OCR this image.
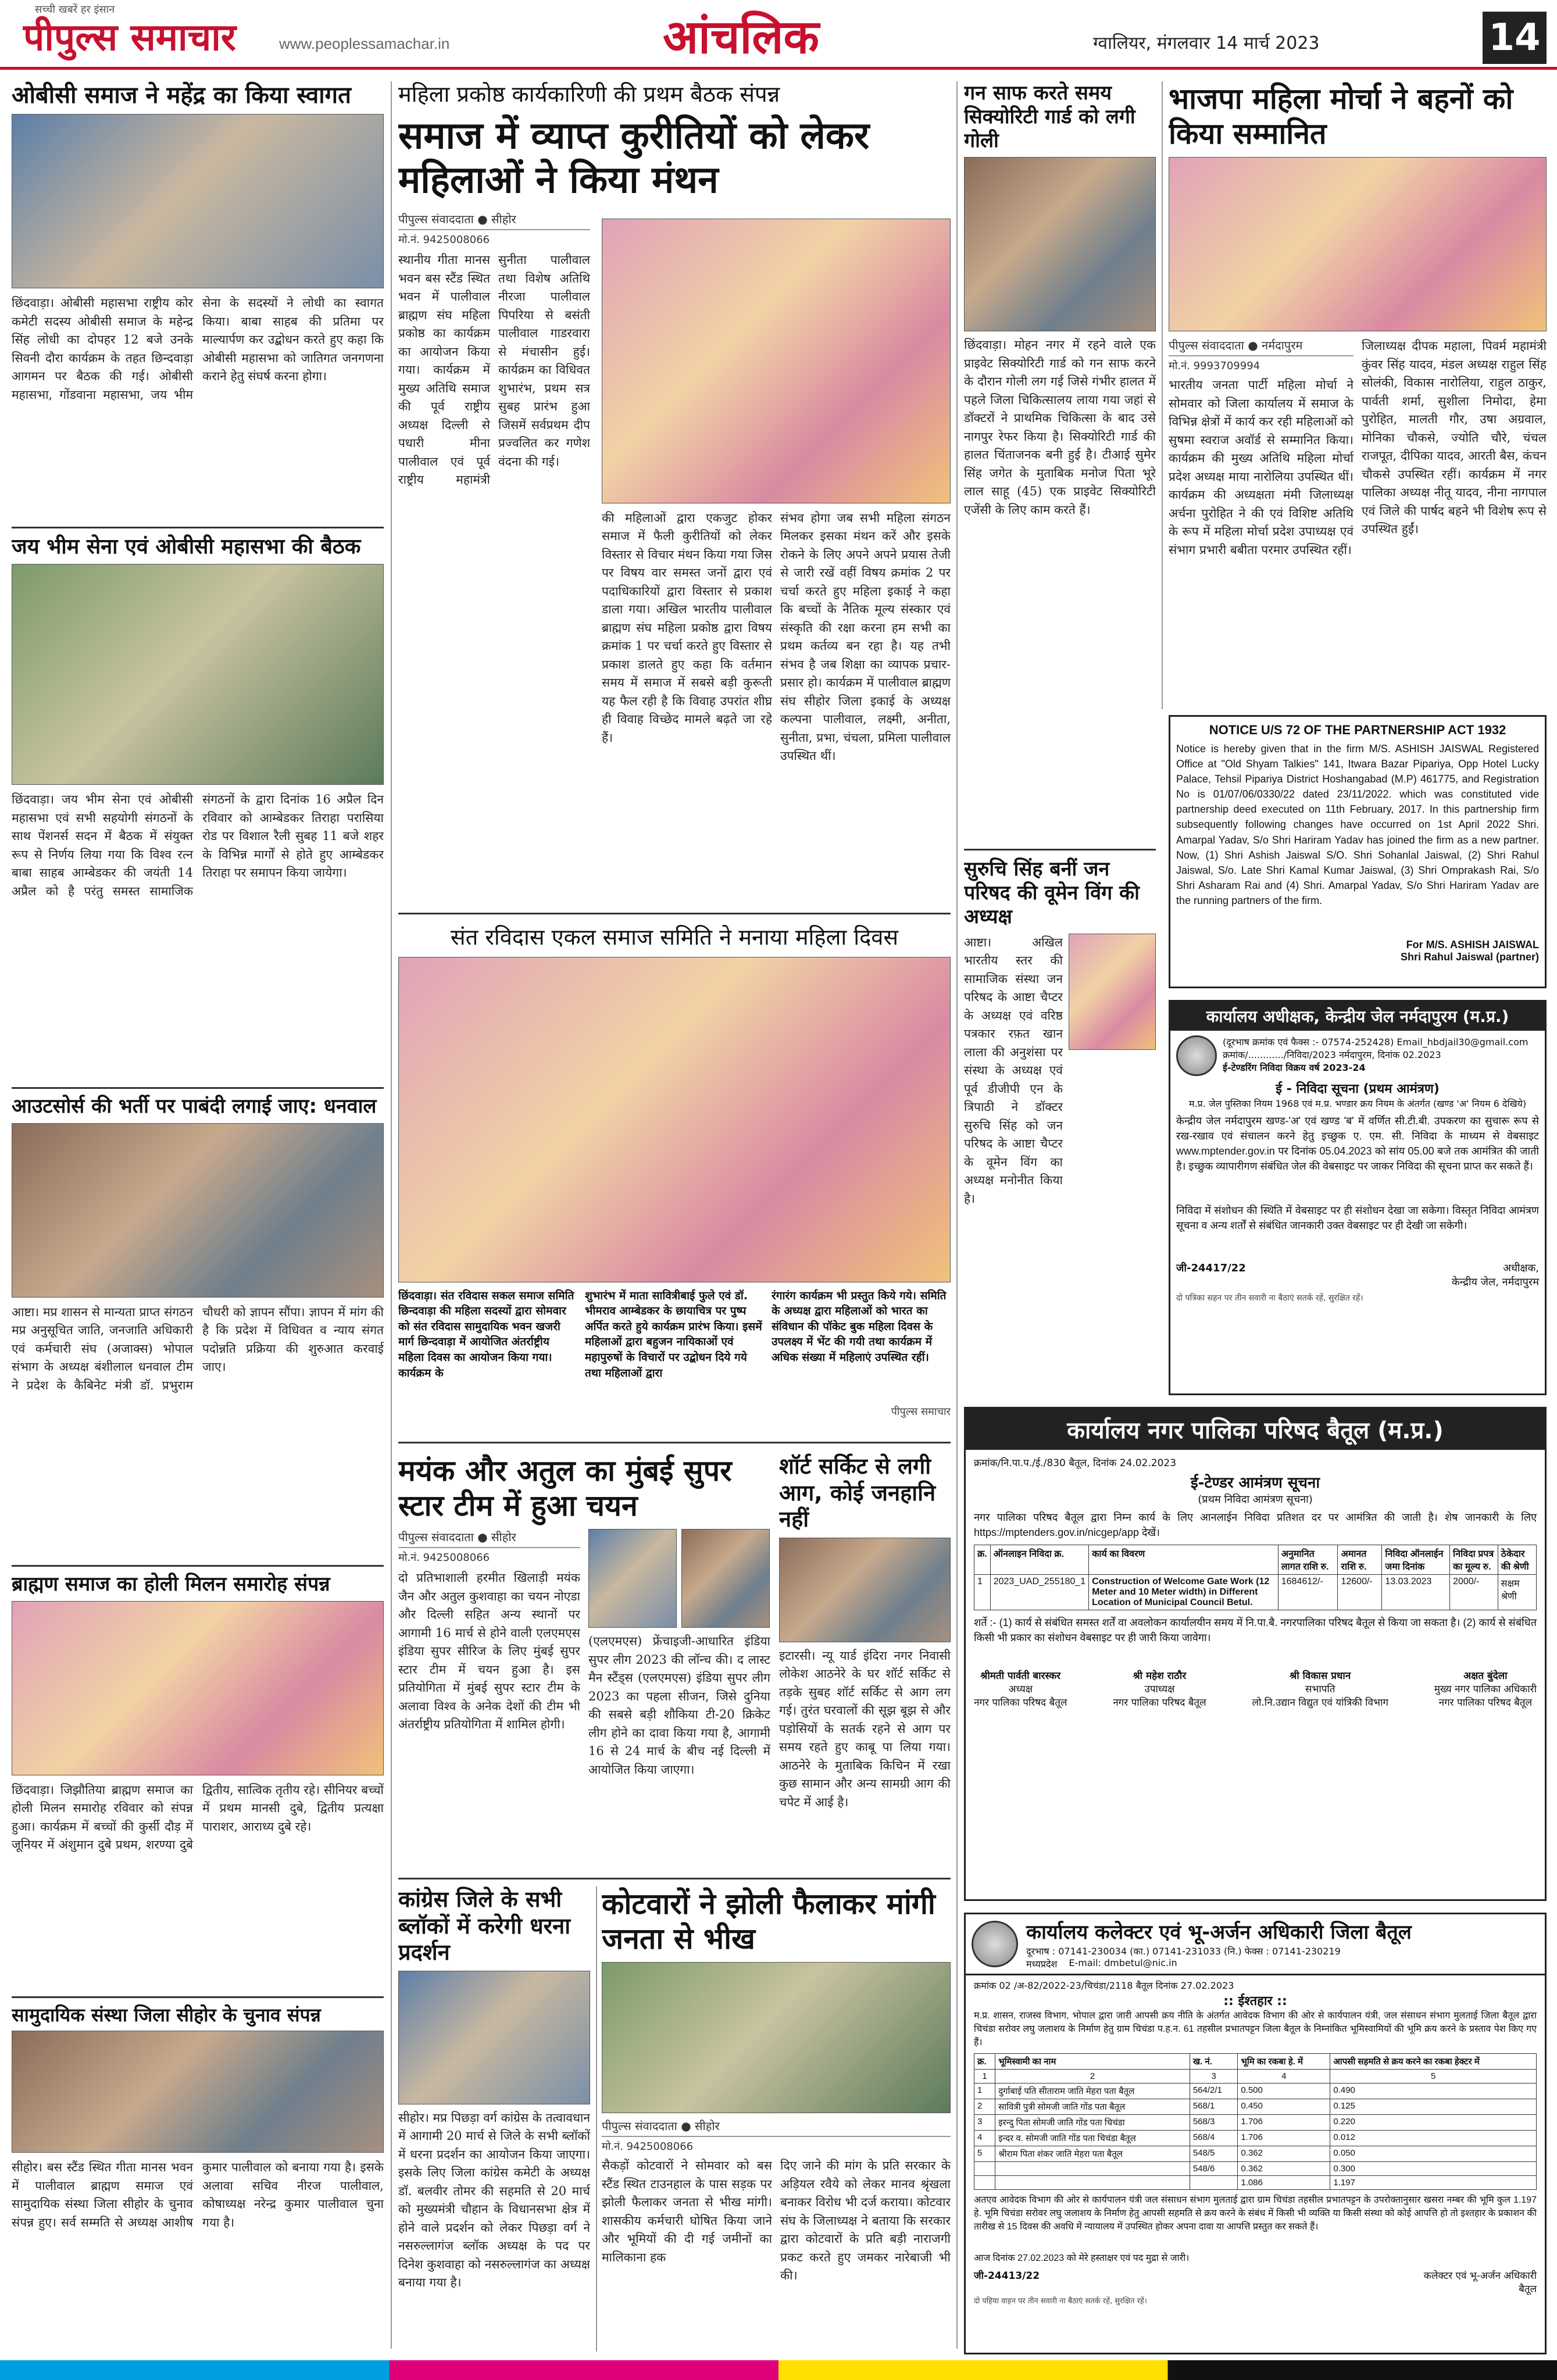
सच्ची खबरें हर इंसान
पीपुल्स समाचार	www.peoplessamachar.in	आंचलिक	ग्वालियर, मंगलवार 14 मार्च 2023	14
ओबीसी समाज ने महेंद्र का किया स्वागत
छिंदवाड़ा। ओबीसी महासभा राष्ट्रीय कोर कमेटी सदस्य ओबीसी समाज के महेन्द्र सिंह लोधी का दोपहर 12 बजे उनके सिवनी दौरा कार्यक्रम के तहत छिन्दवाड़ा आगमन पर बैठक की गई। ओबीसी महासभा, गोंडवाना महासभा, जय भीम सेना के सदस्यों ने लोधी का स्वागत किया। बाबा साहब की प्रतिमा पर माल्यार्पण कर उद्बोधन करते हुए कहा कि ओबीसी महासभा को जातिगत जनगणना कराने हेतु संघर्ष करना होगा।
जय भीम सेना एवं ओबीसी महासभा की बैठक
छिंदवाड़ा। जय भीम सेना एवं ओबीसी महासभा एवं सभी सहयोगी संगठनों के साथ पेंशनर्स सदन में बैठक में संयुक्त रूप से निर्णय लिया गया कि विश्व रत्न बाबा साहब आम्बेडकर की जयंती 14 अप्रैल को है परंतु समस्त सामाजिक संगठनों के द्वारा दिनांक 16 अप्रैल दिन रविवार को आम्बेडकर तिराहा परासिया रोड पर विशाल रैली सुबह 11 बजे शहर के विभिन्न मार्गों से होते हुए आम्बेडकर तिराहा पर समापन किया जायेगा।
आउटसोर्स की भर्ती पर पाबंदी लगाई जाए: धनवाल
आष्टा। मप्र शासन से मान्यता प्राप्त संगठन मप्र अनुसूचित जाति, जनजाति अधिकारी एवं कर्मचारी संघ (अजाक्स) भोपाल संभाग के अध्यक्ष बंशीलाल धनवाल टीम ने प्रदेश के कैबिनेट मंत्री डॉ. प्रभुराम चौधरी को ज्ञापन सौंपा। ज्ञापन में मांग की है कि प्रदेश में विधिवत व न्याय संगत पदोन्नति प्रक्रिया की शुरुआत करवाई जाए।
ब्राह्मण समाज का होली मिलन समारोह संपन्न
छिंदवाड़ा। जिझौतिया ब्राह्मण समाज का होली मिलन समारोह रविवार को संपन्न हुआ। कार्यक्रम में बच्चों की कुर्सी दौड़ में जूनियर में अंशुमान दुबे प्रथम, शरण्या दुबे द्वितीय, सात्विक तृतीय रहे। सीनियर बच्चों में प्रथम मानसी दुबे, द्वितीय प्रत्यक्षा पाराशर, आराध्य दुबे रहे।
सामुदायिक संस्था जिला सीहोर के चुनाव संपन्न
सीहोर। बस स्टैंड स्थित गीता मानस भवन में पालीवाल ब्राह्मण समाज एवं सामुदायिक संस्था जिला सीहोर के चुनाव संपन्न हुए। सर्व सम्मति से अध्यक्ष आशीष कुमार पालीवाल को बनाया गया है। इसके अलावा सचिव नीरज पालीवाल, कोषाध्यक्ष नरेन्द्र कुमार पालीवाल चुना गया है।
महिला प्रकोष्ठ कार्यकारिणी की प्रथम बैठक संपन्न
समाज में व्याप्त कुरीतियों को लेकर महिलाओं ने किया मंथन
पीपुल्स संवाददाता ● सीहोर
मो.नं. 9425008066
स्थानीय गीता मानस भवन बस स्टैंड स्थित भवन में पालीवाल ब्राह्मण संघ महिला प्रकोष्ठ का कार्यक्रम का आयोजन किया गया। कार्यक्रम में मुख्य अतिथि समाज की पूर्व राष्ट्रीय अध्यक्ष दिल्ली से पधारी मीना पालीवाल एवं पूर्व राष्ट्रीय महामंत्री सुनीता पालीवाल तथा विशेष अतिथि नीरजा पालीवाल पिपरिया से बसंती पालीवाल गाडरवारा से मंचासीन हुई। कार्यक्रम का विधिवत शुभारंभ, प्रथम सत्र सुबह प्रारंभ हुआ जिसमें सर्वप्रथम दीप प्रज्वलित कर गणेश वंदना की गई।
की महिलाओं द्वारा एकजुट होकर समाज में फैली कुरीतियों को लेकर विस्तार से विचार मंथन किया गया जिस पर विषय वार समस्त जनों द्वारा एवं पदाधिकारियों द्वारा विस्तार से प्रकाश डाला गया। अखिल भारतीय पालीवाल ब्राह्मण संघ महिला प्रकोष्ठ द्वारा विषय क्रमांक 1 पर चर्चा करते हुए विस्तार से प्रकाश डालते हुए कहा कि वर्तमान समय में समाज में सबसे बड़ी कुरूती यह फैल रही है कि विवाह उपरांत शीघ्र ही विवाह विच्छेद मामले बढ़ते जा रहे हैं।
संभव होगा जब सभी महिला संगठन मिलकर इसका मंथन करें और इसके रोकने के लिए अपने अपने प्रयास तेजी से जारी रखें वहीं विषय क्रमांक 2 पर चर्चा करते हुए महिला इकाई ने कहा कि बच्चों के नैतिक मूल्य संस्कार एवं संस्कृति की रक्षा करना हम सभी का प्रथम कर्तव्य बन रहा है। यह तभी संभव है जब शिक्षा का व्यापक प्रचार-प्रसार हो। कार्यक्रम में पालीवाल ब्राह्मण संघ सीहोर जिला इकाई के अध्यक्ष कल्पना पालीवाल, लक्ष्मी, अनीता, सुनीता, प्रभा, चंचला, प्रमिला पालीवाल उपस्थित थीं।
संत रविदास एकल समाज समिति ने मनाया महिला दिवस
छिंदवाड़ा। संत रविदास सकल समाज समिति छिन्दवाड़ा की महिला सदस्यों द्वारा सोमवार को संत रविदास सामुदायिक भवन खजरी मार्ग छिन्दवाड़ा में आयोजित अंतर्राष्ट्रीय महिला दिवस का आयोजन किया गया। कार्यक्रम के
शुभारंभ में माता सावित्रीबाई फुले एवं डॉ. भीमराव आम्बेडकर के छायाचित्र पर पुष्प अर्पित करते हुये कार्यक्रम प्रारंभ किया। इसमें महिलाओं द्वारा बहुजन नायिकाओं एवं महापुरुषों के विचारों पर उद्बोधन दिये गये तथा महिलाओं द्वारा
रंगारंग कार्यक्रम भी प्रस्तुत किये गये। समिति के अध्यक्ष द्वारा महिलाओं को भारत का संविधान की पॉकेट बुक महिला दिवस के उपलक्ष्य में भेंट की गयी तथा कार्यक्रम में अधिक संख्या में महिलाएं उपस्थित रहीं।
पीपुल्स समाचार
मयंक और अतुल का मुंबई सुपर स्टार टीम में हुआ चयन
पीपुल्स संवाददाता ● सीहोर
मो.नं. 9425008066
दो प्रतिभाशाली हरमीत खिलाड़ी मयंक जैन और अतुल कुशवाहा का चयन नोएडा और दिल्ली सहित अन्य स्थानों पर आगामी 16 मार्च से होने वाली एलएमएस इंडिया सुपर सीरिज के लिए मुंबई सुपर स्टार टीम में चयन हुआ है। इस प्रतियोगिता में मुंबई सुपर स्टार टीम के अलावा विश्व के अनेक देशों की टीम भी अंतर्राष्ट्रीय प्रतियोगिता में शामिल होगी।
(एलएमएस) फ्रेंचाइजी-आधारित इंडिया सुपर लीग 2023 की लॉन्च की। द लास्ट मैन स्टैंड्स (एलएमएस) इंडिया सुपर लीग 2023 का पहला सीजन, जिसे दुनिया की सबसे बड़ी शौकिया टी-20 क्रिकेट लीग होने का दावा किया गया है, आगामी 16 से 24 मार्च के बीच नई दिल्ली में आयोजित किया जाएगा।
शॉर्ट सर्किट से लगी आग, कोई जनहानि नहीं
इटारसी। न्यू यार्ड इंदिरा नगर निवासी लोकेश आठनेरे के घर शॉर्ट सर्किट से तड़के सुबह शॉर्ट सर्किट से आग लग गई। तुरंत घरवालों की सूझ बूझ से और पड़ोसियों के सतर्क रहने से आग पर समय रहते हुए काबू पा लिया गया। आठनेरे के मुताबिक किचिन में रखा कुछ सामान और अन्य सामग्री आग की चपेट में आई है।
कांग्रेस जिले के सभी ब्लॉकों में करेगी धरना प्रदर्शन
सीहोर। मप्र पिछड़ा वर्ग कांग्रेस के तत्वावधान में आगामी 20 मार्च से जिले के सभी ब्लॉकों में धरना प्रदर्शन का आयोजन किया जाएगा। इसके लिए जिला कांग्रेस कमेटी के अध्यक्ष डॉ. बलवीर तोमर की सहमति से 20 मार्च को मुख्यमंत्री चौहान के विधानसभा क्षेत्र में होने वाले प्रदर्शन को लेकर पिछड़ा वर्ग ने नसरुल्लागंज ब्लॉक अध्यक्ष के पद पर दिनेश कुशवाहा को नसरुल्लागंज का अध्यक्ष बनाया गया है।
कोटवारों ने झोली फैलाकर मांगी जनता से भीख
पीपुल्स संवाददाता ● सीहोर
मो.नं. 9425008066
सैकड़ों कोटवारों ने सोमवार को बस स्टैंड स्थित टाउनहाल के पास सड़क पर झोली फैलाकर जनता से भीख मांगी। शासकीय कर्मचारी घोषित किया जाने और भूमियों की दी गई जमीनों का मालिकाना हक
दिए जाने की मांग के प्रति सरकार के अड़ियल रवैये को लेकर मानव श्रृंखला बनाकर विरोध भी दर्ज कराया। कोटवार संघ के जिलाध्यक्ष ने बताया कि सरकार द्वारा कोटवारों के प्रति बड़ी नाराजगी प्रकट करते हुए जमकर नारेबाजी भी की।
गन साफ करते समय सिक्योरिटी गार्ड को लगी गोली
छिंदवाड़ा। मोहन नगर में रहने वाले एक प्राइवेट सिक्योरिटी गार्ड को गन साफ करने के दौरान गोली लग गई जिसे गंभीर हालत में पहले जिला चिकित्सालय लाया गया जहां से डॉक्टरों ने प्राथमिक चिकित्सा के बाद उसे नागपुर रेफर किया है। सिक्योरिटी गार्ड की हालत चिंताजनक बनी हुई है। टीआई सुमेर सिंह जगेत के मुताबिक मनोज पिता भूरे लाल साहू (45) एक प्राइवेट सिक्योरिटी एजेंसी के लिए काम करते हैं।
सुरुचि सिंह बनीं जन परिषद की वूमेन विंग की अध्यक्ष
आष्टा। अखिल भारतीय स्तर की सामाजिक संस्था जन परिषद के आष्टा चैप्टर के अध्यक्ष एवं वरिष्ठ पत्रकार रफ़त खान लाला की अनुशंसा पर संस्था के अध्यक्ष एवं पूर्व डीजीपी एन के त्रिपाठी ने डॉक्टर सुरुचि सिंह को जन परिषद के आष्टा चैप्टर के वूमेन विंग का अध्यक्ष मनोनीत किया है।
भाजपा महिला मोर्चा ने बहनों को किया सम्मानित
पीपुल्स संवाददाता ● नर्मदापुरम
मो.नं. 9993709994
भारतीय जनता पार्टी महिला मोर्चा ने सोमवार को जिला कार्यालय में समाज के विभिन्न क्षेत्रों में कार्य कर रही महिलाओं को सुषमा स्वराज अवॉर्ड से सम्मानित किया। कार्यक्रम की मुख्य अतिथि महिला मोर्चा प्रदेश अध्यक्ष माया नारोलिया उपस्थित थीं। कार्यक्रम की अध्यक्षता मंमी जिलाध्यक्ष अर्चना पुरोहित ने की एवं विशिष्ट अतिथि के रूप में महिला मोर्चा प्रदेश उपाध्यक्ष एवं संभाग प्रभारी बबीता परमार उपस्थित रहीं।
जिलाध्यक्ष दीपक महाला, पिवर्म महामंत्री कुंवर सिंह यादव, मंडल अध्यक्ष राहुल सिंह सोलंकी, विकास नारोलिया, राहुल ठाकुर, पार्वती शर्मा, सुशीला निमोदा, हेमा पुरोहित, मालती गौर, उषा अग्रवाल, मोनिका चौकसे, ज्योति चौरे, चंचल राजपूत, दीपिका यादव, आरती बैस, कंचन चौकसे उपस्थित रहीं। कार्यक्रम में नगर पालिका अध्यक्ष नीतू यादव, नीना नागपाल एवं जिले की पार्षद बहने भी विशेष रूप से उपस्थित हुईं।
NOTICE U/S 72 OF THE PARTNERSHIP ACT 1932
Notice is hereby given that in the firm M/S. ASHISH JAISWAL Registered Office at "Old Shyam Talkies" 141, Itwara Bazar Pipariya, Opp Hotel Lucky Palace, Tehsil Pipariya District Hoshangabad (M.P) 461775, and Registration No is 01/07/06/0330/22 dated 23/11/2022. which was constituted vide partnership deed executed on 11th February, 2017. In this partnership firm subsequently following changes have occurred on 1st April 2022 Shri. Amarpal Yadav, S/o Shri Hariram Yadav has joined the firm as a new partner. Now, (1) Shri Ashish Jaiswal S/O. Shri Sohanlal Jaiswal, (2) Shri Rahul Jaiswal, S/o. Late Shri Kamal Kumar Jaiswal, (3) Shri Omprakash Rai, S/o Shri Asharam Rai and (4) Shri. Amarpal Yadav, S/o Shri Hariram Yadav are the running partners of the firm.
For M/S. ASHISH JAISWAL
Shri Rahul Jaiswal (partner)
कार्यालय अधीक्षक, केन्द्रीय जेल नर्मदापुरम (म.प्र.)
(दूरभाष क्रमांक एवं फैक्स :- 07574-252428) Email_hbdjail30@gmail.com
क्रमांक/............/निविदा/2023 नर्मदापुरम, दिनांक 02.2023
ई-टेण्डरिंग निविदा विक्रय वर्ष 2023-24
ई - निविदा सूचना (प्रथम आमंत्रण)
म.प्र. जेल पुस्तिका नियम 1968 एवं म.प्र. भण्डार क्रय नियम के अंतर्गत (खण्ड 'अ' नियम 6 देखिये)
केन्द्रीय जेल नर्मदापुरम खण्ड-'अ' एवं खण्ड 'ब' में वर्णित सी.टी.बी. उपकरण का सुचारू रूप से रख-रखाव एवं संचालन करने हेतु इच्छुक ए. एम. सी. निविदा के माध्यम से वेबसाइट www.mptender.gov.in पर दिनांक 05.04.2023 को सांय 05.00 बजे तक आमंत्रित की जाती है। इच्छुक व्यापारीगण संबंधित जेल की वेबसाइट पर जाकर निविदा की सूचना प्राप्त कर सकते हैं।
निविदा में संशोधन की स्थिति में वेबसाइट पर ही संशोधन देखा जा सकेगा। विस्तृत निविदा आमंत्रण सूचना व अन्य शर्तों से संबंधित जानकारी उक्त वेबसाइट पर ही देखी जा सकेगी।
जी-24417/22	अधीक्षक,
केन्द्रीय जेल, नर्मदापुरम
दो पत्रिका सहन पर तीन सवारी ना बैठाएं सतर्क रहें, सुरक्षित रहें।
कार्यालय नगर पालिका परिषद बैतूल (म.प्र.)
क्रमांक/नि.पा.प./ई./830 बैतूल, दिनांक 24.02.2023
ई-टेण्डर आमंत्रण सूचना
(प्रथम निविदा आमंत्रण सूचना)
नगर पालिका परिषद बैतूल द्वारा निम्न कार्य के लिए आनलाईन निविदा प्रतिशत दर पर आमंत्रित की जाती है। शेष जानकारी के लिए https://mptenders.gov.in/nicgep/app देखें।
क्र.	ऑनलाइन निविदा क्र.	कार्य का विवरण	अनुमानित लागत राशि रु.	अमानत राशि रु.	निविदा ऑनलाईन जमा दिनांक	निविदा प्रपत्र का मूल्य रु.	ठेकेदार की श्रेणी
1	2023_UAD_255180_1	Construction of Welcome Gate Work (12 Meter and 10 Meter width) in Different Location of Municipal Council Betul.	1684612/-	12600/-	13.03.2023	2000/-	सक्षम श्रेणी
शर्ते :- (1) कार्य से संबंधित समस्त शर्तें वा अवलोकन कार्यालयीन समय में नि.पा.बै. नगरपालिका परिषद बैतूल से किया जा सकता है। (2) कार्य से संबंधित किसी भी प्रकार का संशोधन वेबसाइट पर ही जारी किया जावेगा।
श्रीमती पार्वती बारस्कर
अध्यक्ष
नगर पालिका परिषद बैतूल
श्री महेश राठौर
उपाध्यक्ष
नगर पालिका परिषद बैतूल
श्री विकास प्रधान
सभापति
लो.नि.उद्यान विद्युत एवं यांत्रिकी विभाग
अक्षत बुंदेला
मुख्य नगर पालिका अधिकारी
नगर पालिका परिषद बैतूल
कार्यालय कलेक्टर एवं भू-अर्जन अधिकारी जिला बैतूल
दूरभाष : 07141-230034 (का.) 07141-231033 (नि.) फेक्स : 07141-230219
मध्यप्रदेश E-mail: dmbetul@nic.in
क्रमांक 02 /अ-82/2022-23/चिचंडा/2118 बैतूल दिनांक 27.02.2023
:: ईश्तहार ::
म.प्र. शासन, राजस्व विभाग, भोपाल द्वारा जारी आपसी क्रय नीति के अंतर्गत आवेदक विभाग की ओर से कार्यपालन यंत्री, जल संसाधन संभाग मुलताई जिला बैतूल द्वारा चिचंडा सरोवर लघु जलाशय के निर्माण हेतु ग्राम चिचंडा प.ह.न. 61 तहसील प्रभातपट्टन जिला बैतूल के निम्नांकित भूमिस्वामियों की भूमि क्रय करने के प्रस्ताव पेश किए गए हैं।
क्र.	भूमिस्वामी का नाम	ख. नं.	भूमि का रकबा हे. में	आपसी सहमति से क्रय करने का रकबा हेक्टर में
1	2	3	4	5
1	दुर्गाबाई पति सीताराम जाति मेहरा पता बैतूल	564/2/1	0.500	0.490
2	सावित्री पुत्री सोमजी जाति गोंड पता बैतूल	568/1	0.450	0.125
3	इरन्दु पिता सोमजी जाति गोंड पता चिचंडा	568/3	1.706	0.220
4	इन्दर व. सोमजी जाति गोंड पता चिचंडा बैतूल	568/4	1.706	0.012
5	श्रीराम पिता शंकर जाति मेहरा पता बैतूल	548/5	0.362	0.050
		548/6	0.362	0.300
			1.086	1.197
अतएव आवेदक विभाग की ओर से कार्यपालन यंत्री जल संसाधन संभाग मुलताई द्वारा ग्राम चिचंडा तहसील प्रभातपट्टन के उपरोक्तानुसार खसरा नम्बर की भूमि कुल 1.197 हे. भूमि चिचंडा सरोवर लघु जलाशय के निर्माण हेतु आपसी सहमति से क्रय करने के संबंध में किसी भी व्यक्ति या किसी संस्था को कोई आपत्ति हो तो इश्तहार के प्रकाशन की तारीख से 15 दिवस की अवधि में न्यायालय में उपस्थित होकर अपना दावा या आपत्ति प्रस्तुत कर सकते हैं।
आज दिनांक 27.02.2023 को मेरे हस्ताक्षर एवं पद मुद्रा से जारी।
जी-24413/22	कलेक्टर एवं भू-अर्जन अधिकारी
बैतूल
दो पहिया वाहन पर तीन सवारी ना बैठाएं सतर्क रहें, सुरक्षित रहें।
